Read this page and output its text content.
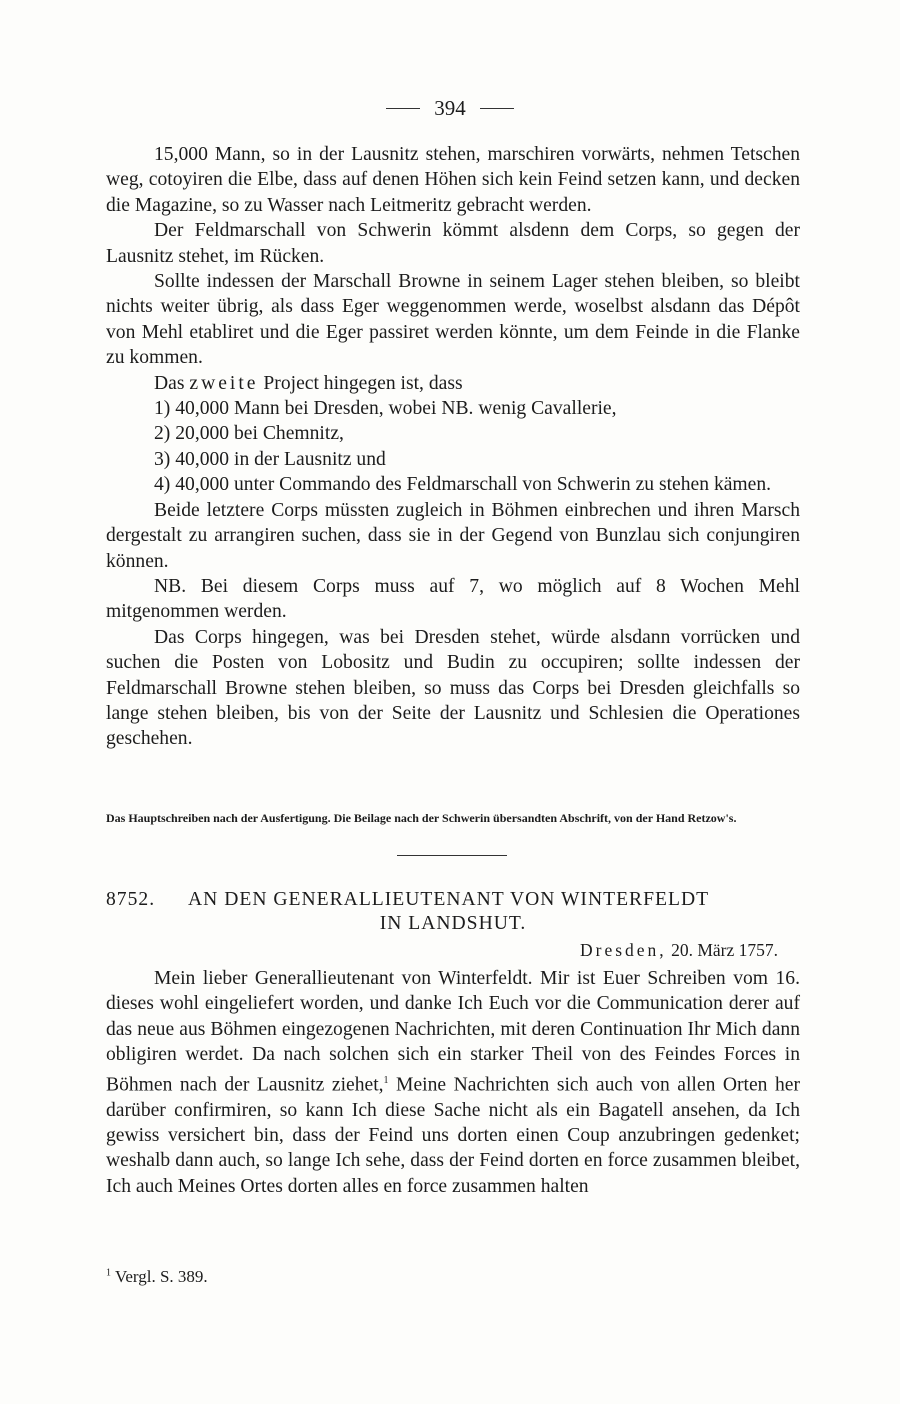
394

15,000 Mann, so in der Lausnitz stehen, marschiren vorwärts, nehmen Tetschen weg, cotoyiren die Elbe, dass auf denen Höhen sich kein Feind setzen kann, und decken die Magazine, so zu Wasser nach Leitmeritz gebracht werden.

Der Feldmarschall von Schwerin kömmt alsdenn dem Corps, so gegen der Lausnitz stehet, im Rücken.

Sollte indessen der Marschall Browne in seinem Lager stehen bleiben, so bleibt nichts weiter übrig, als dass Eger weggenommen werde, woselbst alsdann das Dépôt von Mehl etabliret und die Eger passiret werden könnte, um dem Feinde in die Flanke zu kommen.

Das zweite Project hingegen ist, dass

1) 40,000 Mann bei Dresden, wobei NB. wenig Cavallerie,

2) 20,000 bei Chemnitz,

3) 40,000 in der Lausnitz und

4) 40,000 unter Commando des Feldmarschall von Schwerin zu stehen kämen.

Beide letztere Corps müssten zugleich in Böhmen einbrechen und ihren Marsch dergestalt zu arrangiren suchen, dass sie in der Gegend von Bunzlau sich conjungiren können.

NB. Bei diesem Corps muss auf 7, wo möglich auf 8 Wochen Mehl mitgenommen werden.

Das Corps hingegen, was bei Dresden stehet, würde alsdann vorrücken und suchen die Posten von Lobositz und Budin zu occupiren; sollte indessen der Feldmarschall Browne stehen bleiben, so muss das Corps bei Dresden gleichfalls so lange stehen bleiben, bis von der Seite der Lausnitz und Schlesien die Operationes geschehen.

Das Hauptschreiben nach der Ausfertigung. Die Beilage nach der Schwerin übersandten Abschrift, von der Hand Retzow's.

8752. AN DEN GENERALLIEUTENANT VON WINTERFELDT
IN LANDSHUT.
Dresden, 20. März 1757.

Mein lieber Generallieutenant von Winterfeldt. Mir ist Euer Schreiben vom 16. dieses wohl eingeliefert worden, und danke Ich Euch vor die Communication derer auf das neue aus Böhmen eingezogenen Nachrichten, mit deren Continuation Ihr Mich dann obligiren werdet. Da nach solchen sich ein starker Theil von des Feindes Forces in Böhmen nach der Lausnitz ziehet,$^1$ Meine Nachrichten sich auch von allen Orten her darüber confirmiren, so kann Ich diese Sache nicht als ein Bagatell ansehen, da Ich gewiss versichert bin, dass der Feind uns dorten einen Coup anzubringen gedenket; weshalb dann auch, so lange Ich sehe, dass der Feind dorten en force zusammen bleibet, Ich auch Meines Ortes dorten alles en force zusammen halten

$^1$ Vergl. S. 389.
